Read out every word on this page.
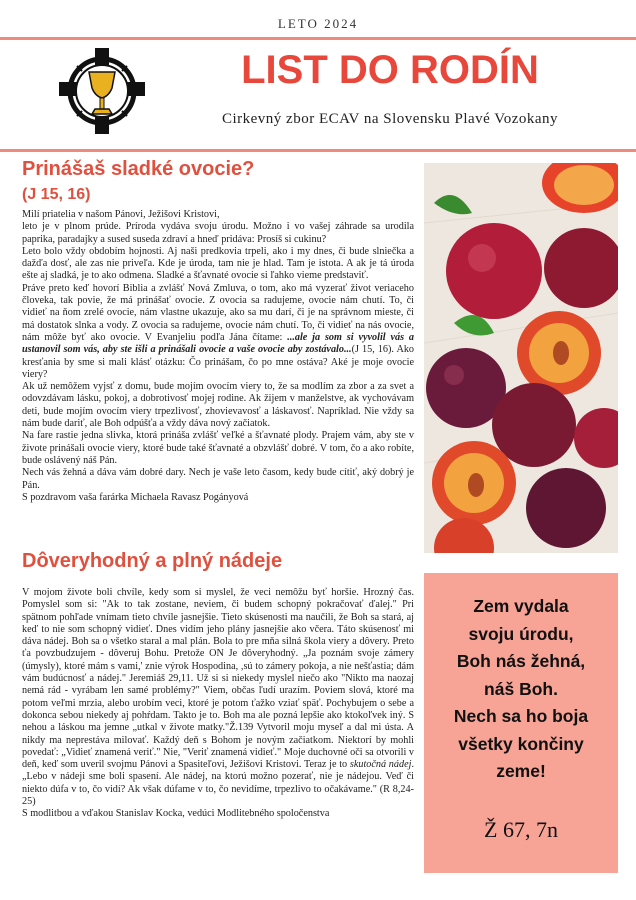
LETO 2024
LIST DO RODÍN
Cirkevný zbor ECAV na Slovensku Plavé Vozokany
Prinášaš sladké ovocie?
(J 15, 16)

Milí priatelia v našom Pánovi, Ježišovi Kristovi,

leto je v plnom prúde. Príroda vydáva svoju úrodu. Možno i vo vašej záhrade sa urodila paprika, paradajky a sused suseda zdraví a hneď pridáva: Prosíš si cukinu?

Leto bolo vždy obdobím hojnosti. Aj naši predkovia trpeli, ako i my dnes, či bude slniečka a dažďa dosť, ale zas nie priveľa. Kde je úroda, tam nie je hlad. Tam je istota. A ak je tá úroda ešte aj sladká, je to ako odmena. Sladké a šťavnaté ovocie si ľahko vieme predstaviť.

Práve preto keď hovorí Biblia a zvlášť Nová Zmluva, o tom, ako má vyzerať život veriaceho človeka, tak povie, že má prinášať ovocie. Z ovocia sa radujeme, ovocie nám chutí. To, či vidieť na ňom zrelé ovocie, nám vlastne ukazuje, ako sa mu darí, či je na správnom mieste, či má dostatok slnka a vody. Z ovocia sa radujeme, ovocie nám chutí. To, či vidieť na nás ovocie, nám môže byť ako ovocie. V Evanjeliu podľa Jána čítame: ...ale ja som si vyvolil vás a ustanovil som vás, aby ste išli a prinášali ovocie a vaše ovocie aby zostávalo...(J 15, 16). Ako kresťania by sme si mali klásť otázku: Čo prinášam, čo po mne ostáva? Aké je moje ovocie viery?

Ak už nemôžem vyjsť z domu, bude mojím ovocím viery to, že sa modlím za zbor a za svet a odovzdávam lásku, pokoj, a dobrotivosť mojej rodine. Ak žijem v manželstve, ak vychovávam deti, bude mojím ovocím viery trpezlivosť, zhovievavosť a láskavosť. Napríklad. Nie vždy sa nám bude dariť, ale Boh odpúšťa a vždy dáva nový začiatok.

Na fare rastie jedna slivka, ktorá prináša zvlášť veľké a šťavnaté plody. Prajem vám, aby ste v živote prinášali ovocie viery, ktoré bude také šťavnaté a obzvlášť dobré. V tom, čo a ako robíte, bude oslávený náš Pán.

Nech vás žehná a dáva vám dobré dary. Nech je vaše leto časom, kedy bude cítiť, aký dobrý je Pán.

S pozdravom vaša farárka Michaela Ravasz Pogányová

Dôveryhodný a plný nádeje

V mojom živote boli chvíle, kedy som si myslel, že veci nemôžu byť horšie. Hrozný čas. Pomyslel som si: "Ak to tak zostane, neviem, či budem schopný pokračovať ďalej." Pri spätnom pohľade vnímam tieto chvíle jasnejšie. Tieto skúsenosti ma naučili, že Boh sa stará, aj keď to nie som schopný vidieť. Dnes vidím jeho plány jasnejšie ako včera. Táto skúsenosť mi dáva nádej. Boh sa o všetko staral a mal plán. Bola to pre mňa silná škola viery a dôvery. Preto ťa povzbudzujem - dôveruj Bohu. Pretože ON Je dôveryhodný. „Ja poznám svoje zámery (úmysly), ktoré mám s vami,' znie výrok Hospodina, ,sú to zámery pokoja, a nie nešťastia; dám vám budúcnosť a nádej." Jeremiáš 29,11. Už si si niekedy myslel niečo ako "Nikto ma naozaj nemá rád - vyrábam len samé problémy?" Viem, občas ľudí urazím. Poviem slová, ktoré ma potom veľmi mrzia, alebo urobím veci, ktoré je potom ťažko vziať späť. Pochybujem o sebe a dokonca sebou niekedy aj pohŕdam. Takto je to. Boh ma ale pozná lepšie ako ktokoľvek iný. S nehou a láskou ma jemne „utkal v živote matky."Ž.139 Vytvoril moju myseľ a dal mi ústa. A nikdy ma neprestáva milovať. Každý deň s Bohom je novým začiatkom. Niektorí by mohli povedať: „Vidieť znamená veriť." Nie, "Veriť znamená vidieť." Moje duchovné oči sa otvorili v deň, keď som uveril svojmu Pánovi a Spasiteľovi, Ježišovi Kristovi. Teraz je to skutočná nádej. „Lebo v nádeji sme boli spasení. Ale nádej, na ktorú možno pozerať, nie je nádejou. Veď či niekto dúfa v to, čo vidí? Ak však dúfame v to, čo nevidíme, trpezlivo to očakávame." (R 8,24-25)

S modlitbou a vďakou Stanislav Kocka, vedúci Modlitebného spoločenstva

Zem vydala
svoju úrodu,
Boh nás žehná,
náš Boh.
Nech sa ho boja
všetky končiny
zeme!
Ž 67, 7n
